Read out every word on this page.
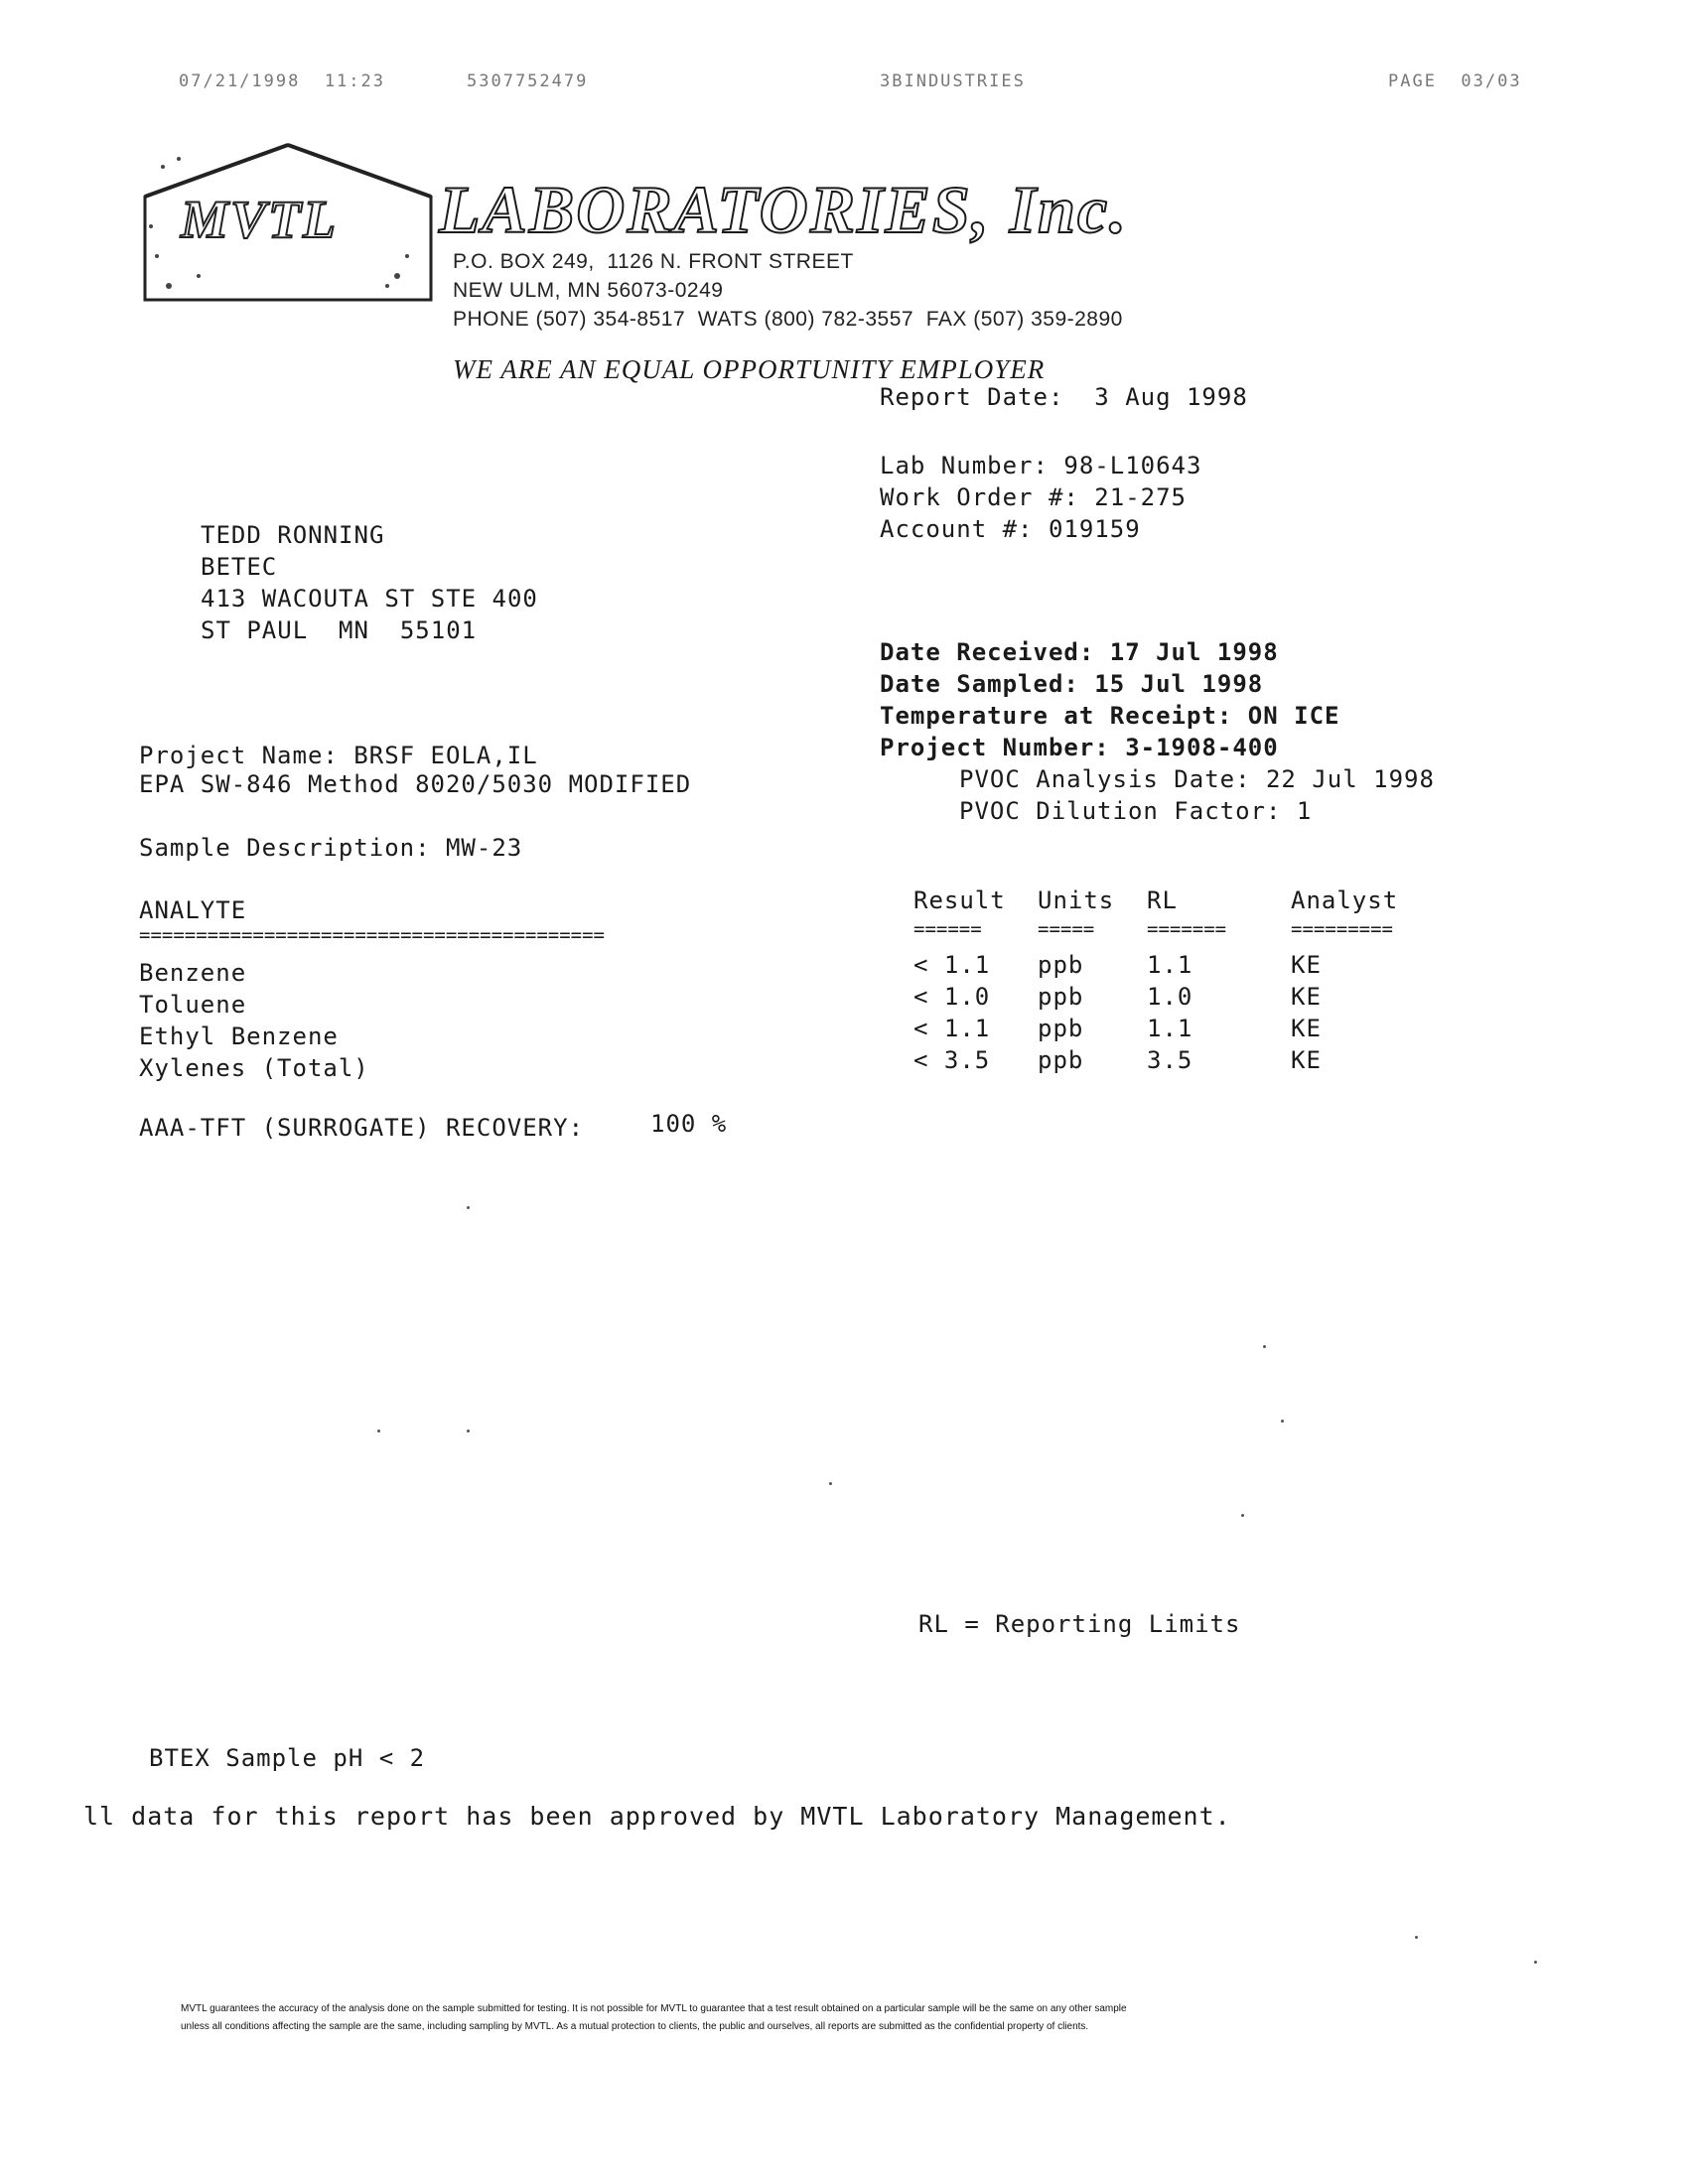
07/21/1998  11:23	5307752479	3BINDUSTRIES	PAGE  03/03
MVTL LABORATORIES, Inc.
P.O. BOX 249,  1126 N. FRONT STREET
NEW ULM, MN 56073-0249
PHONE (507) 354-8517  WATS (800) 782-3557  FAX (507) 359-2890
WE ARE AN EQUAL OPPORTUNITY EMPLOYER
Report Date:  3 Aug 1998
Lab Number: 98-L10643
Work Order #: 21-275
Account #: 019159
TEDD RONNING
BETEC
413 WACOUTA ST STE 400
ST PAUL  MN  55101
Date Received: 17 Jul 1998
Date Sampled: 15 Jul 1998
Temperature at Receipt: ON ICE
Project Number: 3-1908-400
PVOC Analysis Date: 22 Jul 1998
PVOC Dilution Factor: 1
Project Name: BRSF EOLA,IL
EPA SW-846 Method 8020/5030 MODIFIED
Sample Description: MW-23
ANALYTE
=========================================
Result Units RL	Analyst
======	=====	=======	=========
Benzene	< 1.1 ppb	1.1	KE
Toluene	< 1.0 ppb	1.0	KE
Ethyl Benzene	< 1.1 ppb	1.1	KE
Xylenes (Total)	< 3.5 ppb	3.5	KE
AAA-TFT (SURROGATE) RECOVERY:	100 %
RL = Reporting Limits
BTEX Sample pH < 2
ll data for this report has been approved by MVTL Laboratory Management.
MVTL guarantees the accuracy of the analysis done on the sample submitted for testing. It is not possible for MVTL to guarantee that a test result obtained on a particular sample will be the same on any other sample
unless all conditions affecting the sample are the same, including sampling by MVTL. As a mutual protection to clients, the public and ourselves, all reports are submitted as the confidential property of clients.
